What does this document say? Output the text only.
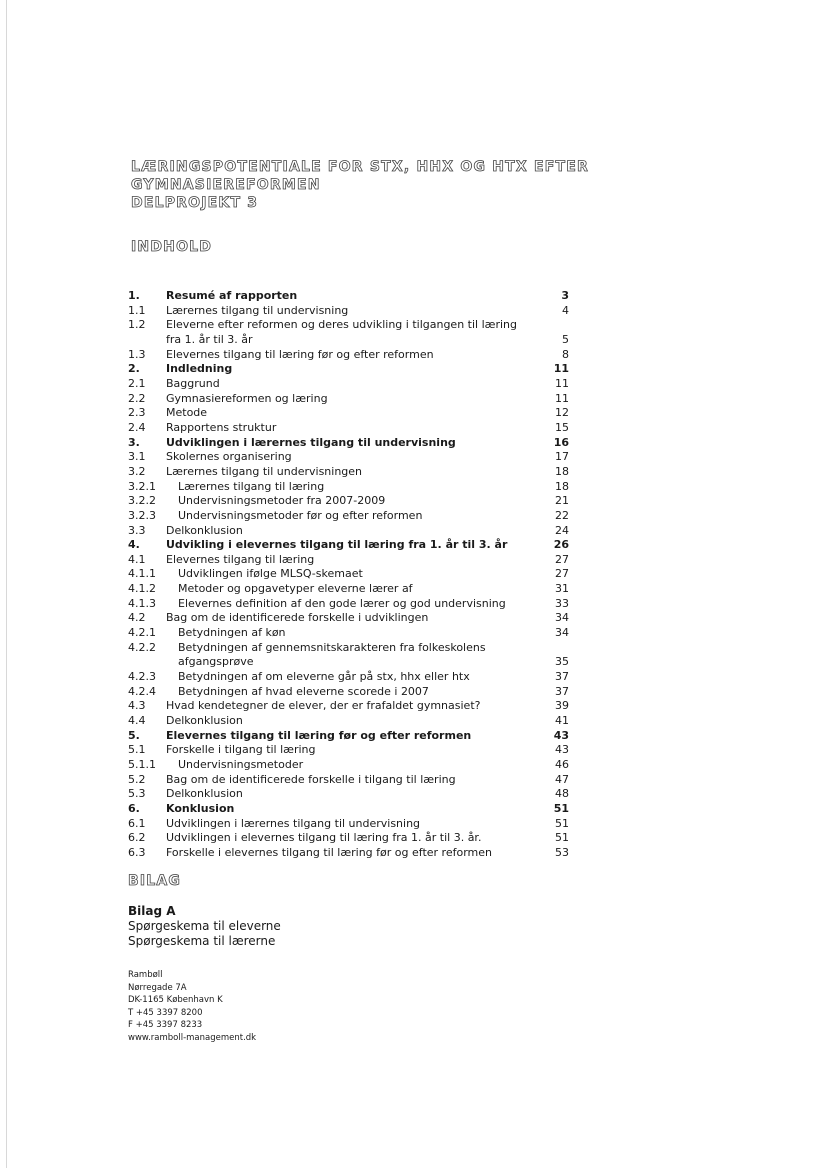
LÆRINGSPOTENTIALE FOR STX, HHX OG HTX EFTER
GYMNASIEREFORMEN
DELPROJEKT 3
INDHOLD
1. Resumé af rapporten	3
1.1 Lærernes tilgang til undervisning	4
1.2 Eleverne efter reformen og deres udvikling i tilgangen til læring fra 1. år til 3. år	5
1.3 Elevernes tilgang til læring før og efter reformen	8
2. Indledning	11
2.1 Baggrund	11
2.2 Gymnasiereformen og læring	11
2.3 Metode	12
2.4 Rapportens struktur	15
3. Udviklingen i lærernes tilgang til undervisning	16
3.1 Skolernes organisering	17
3.2 Lærernes tilgang til undervisningen	18
3.2.1 Lærernes tilgang til læring	18
3.2.2 Undervisningsmetoder fra 2007-2009	21
3.2.3 Undervisningsmetoder før og efter reformen	22
3.3 Delkonklusion	24
4. Udvikling i elevernes tilgang til læring fra 1. år til 3. år	26
4.1 Elevernes tilgang til læring	27
4.1.1 Udviklingen ifølge MLSQ-skemaet	27
4.1.2 Metoder og opgavetyper eleverne lærer af	31
4.1.3 Elevernes definition af den gode lærer og god undervisning	33
4.2 Bag om de identificerede forskelle i udviklingen	34
4.2.1 Betydningen af køn	34
4.2.2 Betydningen af gennemsnitskarakteren fra folkeskolens afgangsprøve	35
4.2.3 Betydningen af om eleverne går på stx, hhx eller htx	37
4.2.4 Betydningen af hvad eleverne scorede i 2007	37
4.3 Hvad kendetegner de elever, der er frafaldet gymnasiet?	39
4.4 Delkonklusion	41
5. Elevernes tilgang til læring før og efter reformen	43
5.1 Forskelle i tilgang til læring	43
5.1.1 Undervisningsmetoder	46
5.2 Bag om de identificerede forskelle i tilgang til læring	47
5.3 Delkonklusion	48
6. Konklusion	51
6.1 Udviklingen i lærernes tilgang til undervisning	51
6.2 Udviklingen i elevernes tilgang til læring fra 1. år til 3. år.	51
6.3 Forskelle i elevernes tilgang til læring før og efter reformen	53
BILAG
Bilag A
Spørgeskema til eleverne
Spørgeskema til lærerne
Rambøll
Nørregade 7A
DK-1165 København K
T +45 3397 8200
F +45 3397 8233
www.ramboll-management.dk
